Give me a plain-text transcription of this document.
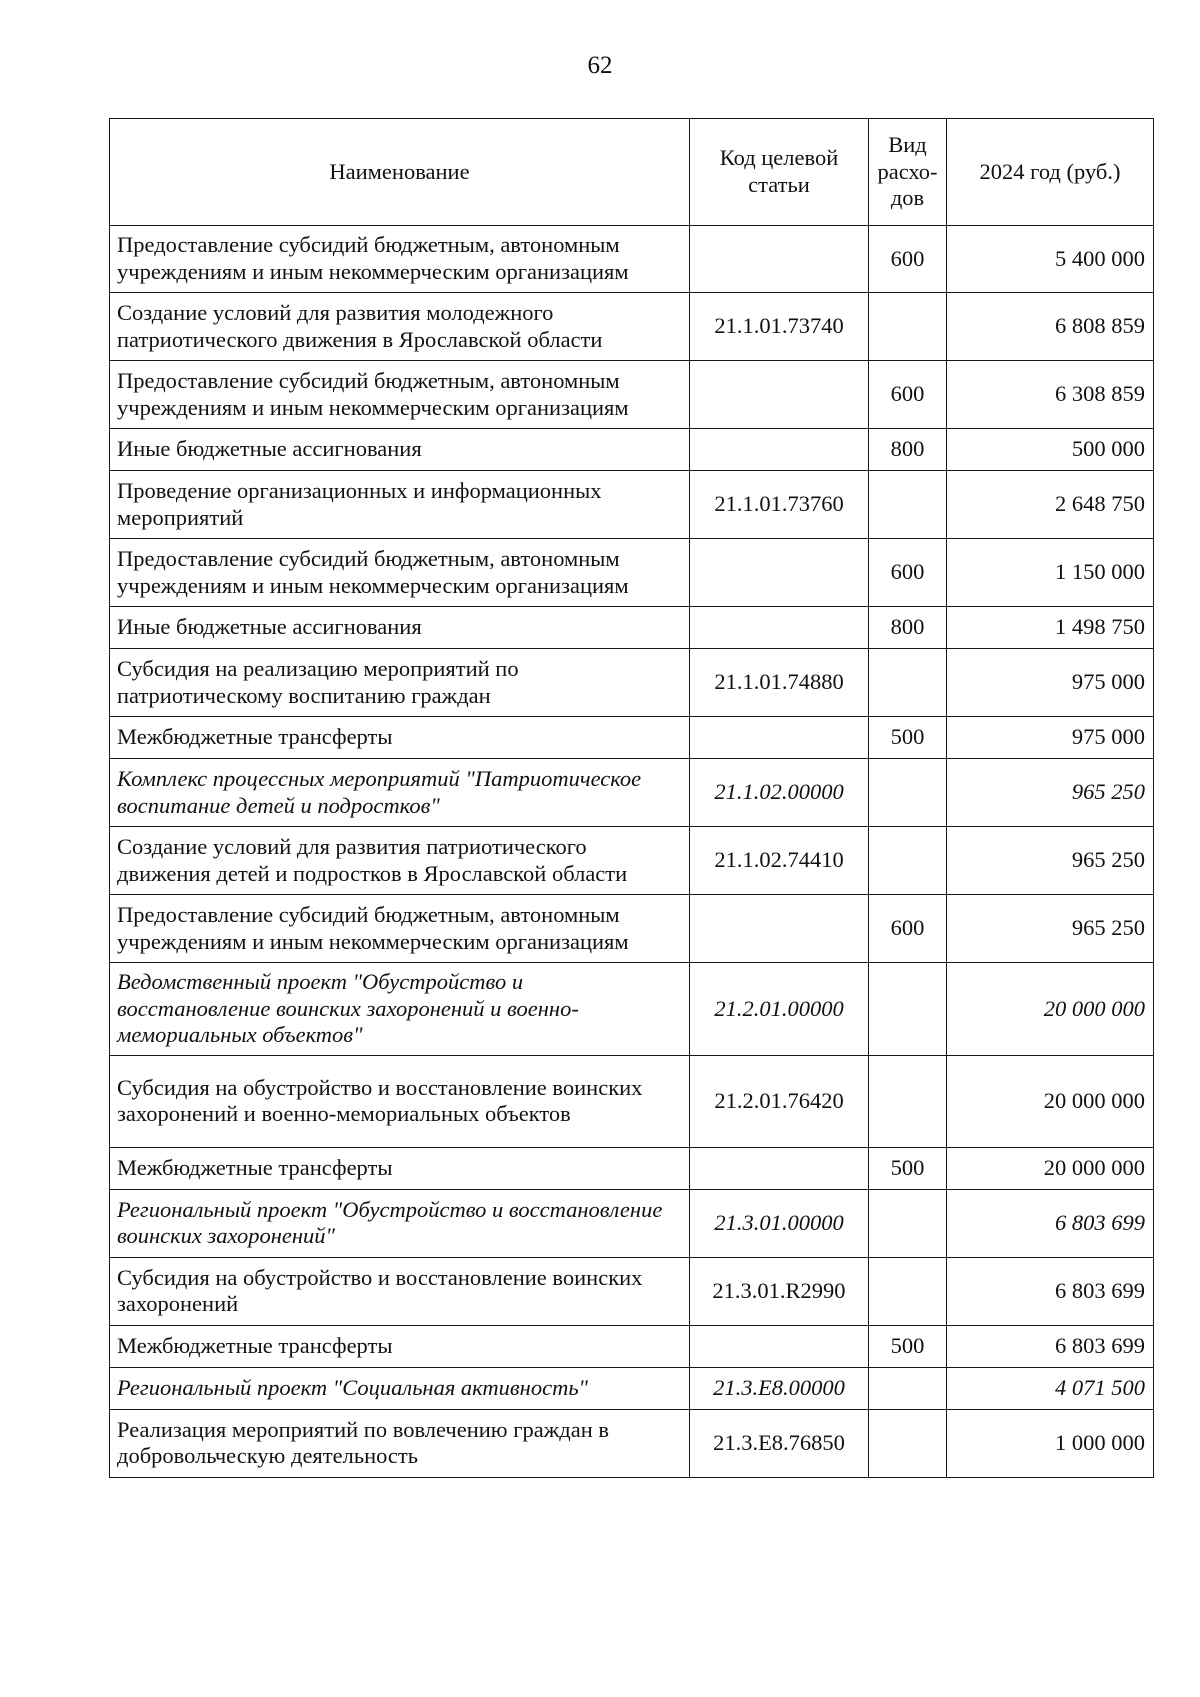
62
Наименование	Код целевой статьи	Вид расхо-дов	2024 год (руб.)
Предоставление субсидий бюджетным, автономным учреждениям и иным некоммерческим организациям		600	5 400 000
Создание условий для развития молодежного патриотического движения в Ярославской области	21.1.01.73740		6 808 859
Предоставление субсидий бюджетным, автономным учреждениям и иным некоммерческим организациям		600	6 308 859
Иные бюджетные ассигнования		800	500 000
Проведение организационных и информационных мероприятий	21.1.01.73760		2 648 750
Предоставление субсидий бюджетным, автономным учреждениям и иным некоммерческим организациям		600	1 150 000
Иные бюджетные ассигнования		800	1 498 750
Субсидия на реализацию мероприятий по патриотическому воспитанию граждан	21.1.01.74880		975 000
Межбюджетные трансферты		500	975 000
Комплекс процессных мероприятий "Патриотическое воспитание детей и подростков"	21.1.02.00000		965 250
Создание условий для развития патриотического движения детей и подростков в Ярославской области	21.1.02.74410		965 250
Предоставление субсидий бюджетным, автономным учреждениям и иным некоммерческим организациям		600	965 250
Ведомственный проект "Обустройство и восстановление воинских захоронений и военно-мемориальных объектов"	21.2.01.00000		20 000 000
Субсидия на обустройство и восстановление воинских захоронений и военно-мемориальных объектов	21.2.01.76420		20 000 000
Межбюджетные трансферты		500	20 000 000
Региональный проект "Обустройство и восстановление воинских захоронений"	21.3.01.00000		6 803 699
Субсидия на обустройство и восстановление воинских захоронений	21.3.01.R2990		6 803 699
Межбюджетные трансферты		500	6 803 699
Региональный проект "Социальная активность"	21.3.E8.00000		4 071 500
Реализация мероприятий по вовлечению граждан в добровольческую деятельность	21.3.E8.76850		1 000 000
